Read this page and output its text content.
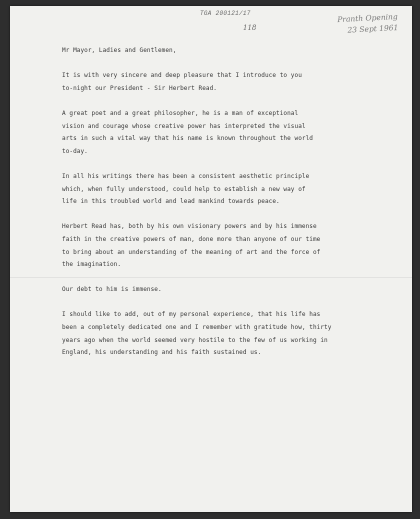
TGA 200121/17
118
Pranth Opening
23 Sept 1961

Mr Mayor, Ladies and Gentlemen,

It is with very sincere and deep pleasure that I introduce to you
to-night our President - Sir Herbert Read.

A great poet and a great philosopher, he is a man of exceptional
vision and courage whose creative power has interpreted the visual
arts in such a vital way that his name is known throughout the world
to-day.

In all his writings there has been a consistent aesthetic principle
which, when fully understood, could help to establish a new way of
life in this troubled world and lead mankind towards peace.

Herbert Read has, both by his own visionary powers and by his immense
faith in the creative powers of man, done more than anyone of our time
to bring about an understanding of the meaning of art and the force of
the imagination.

Our debt to him is immense.

I should like to add, out of my personal experience, that his life has
been a completely dedicated one and I remember with gratitude how, thirty
years ago when the world seemed very hostile to the few of us working in
England, his understanding and his faith sustained us.
